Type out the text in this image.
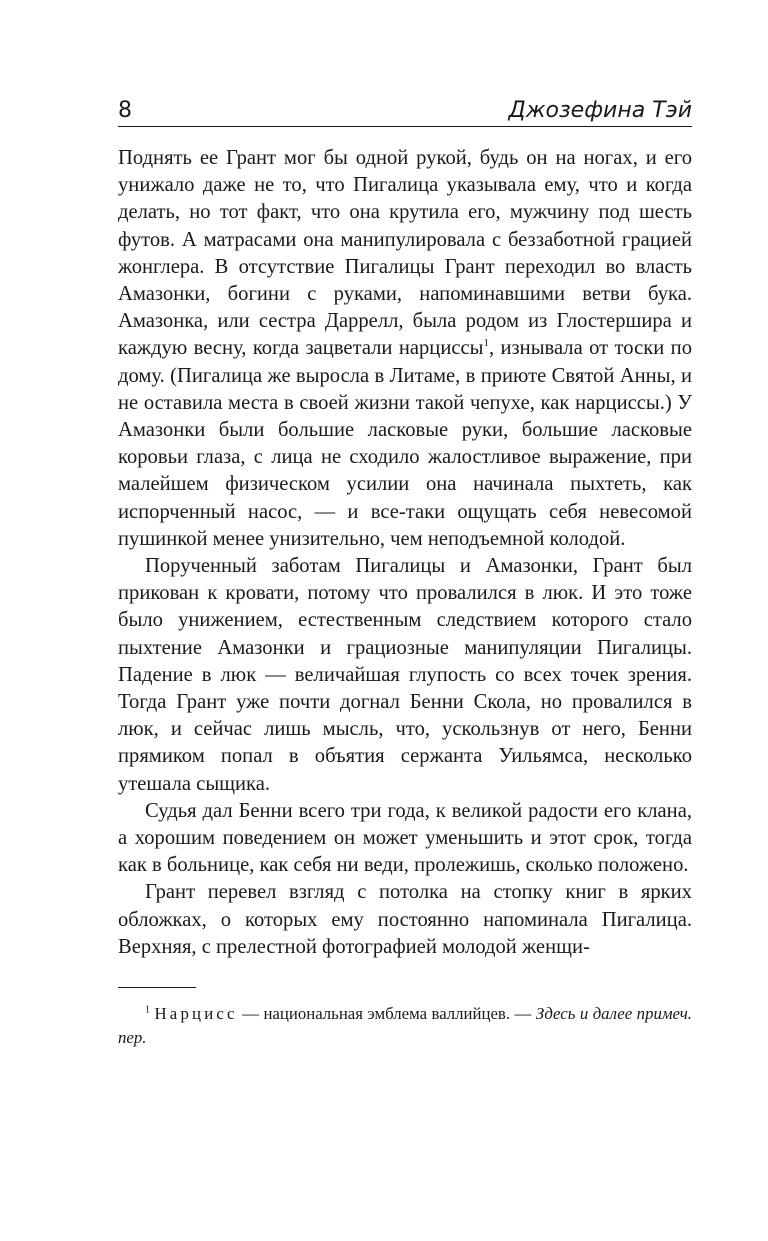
8	Джозефина Тэй

Поднять ее Грант мог бы одной рукой, будь он на ногах, и его унижало даже не то, что Пигалица указывала ему, что и когда делать, но тот факт, что она крутила его, мужчину под шесть футов. А матрасами она манипулировала с беззаботной грацией жонглера. В отсутствие Пигалицы Грант переходил во власть Амазонки, богини с руками, напоминавшими ветви бука. Амазонка, или сестра Даррелл, была родом из Глостершира и каждую весну, когда зацветали нарциссы$^1$, изнывала от тоски по дому. (Пигалица же выросла в Литаме, в приюте Святой Анны, и не оставила места в своей жизни такой чепухе, как нарциссы.) У Амазонки были большие ласковые руки, большие ласковые коровьи глаза, с лица не сходило жалостливое выражение, при малейшем физическом усилии она начинала пыхтеть, как испорченный насос, — и все-таки ощущать себя невесомой пушинкой менее унизительно, чем неподъемной колодой.

Порученный заботам Пигалицы и Амазонки, Грант был прикован к кровати, потому что провалился в люк. И это тоже было унижением, естественным следствием которого стало пыхтение Амазонки и грациозные манипуляции Пигалицы. Падение в люк — величайшая глупость со всех точек зрения. Тогда Грант уже почти догнал Бенни Скола, но провалился в люк, и сейчас лишь мысль, что, ускользнув от него, Бенни прямиком попал в объятия сержанта Уильямса, несколько утешала сыщика.

Судья дал Бенни всего три года, к великой радости его клана, а хорошим поведением он может уменьшить и этот срок, тогда как в больнице, как себя ни веди, пролежишь, сколько положено.

Грант перевел взгляд с потолка на стопку книг в ярких обложках, о которых ему постоянно напоминала Пигалица. Верхняя, с прелестной фотографией молодой женщи-

$^1$ Нарцисс — национальная эмблема валлийцев. — Здесь и далее примеч. пер.
